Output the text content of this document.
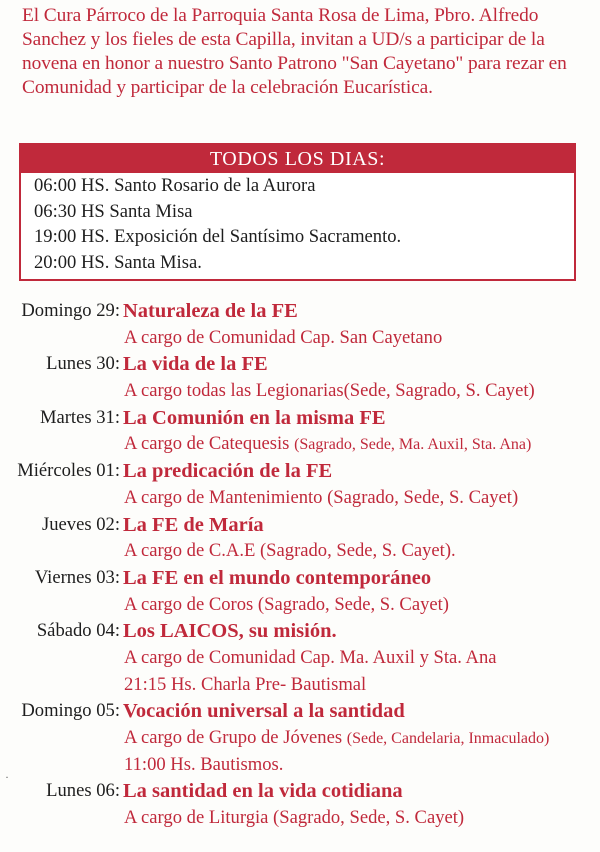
El Cura Párroco de la Parroquia Santa Rosa de Lima, Pbro. Alfredo Sanchez y los fieles de esta Capilla, invitan a UD/s a participar de la novena en honor a nuestro Santo Patrono "San Cayetano" para rezar en Comunidad y participar de la celebración Eucarística.
TODOS LOS DIAS:
06:00 HS. Santo Rosario de la Aurora
06:30 HS Santa Misa
19:00 HS. Exposición del Santísimo Sacramento.
20:00 HS. Santa Misa.
Domingo 29: Naturaleza de la FE
A cargo de Comunidad Cap. San Cayetano
Lunes 30: La vida de la FE
A cargo todas las Legionarias(Sede, Sagrado, S. Cayet)
Martes 31: La Comunión en la misma FE
A cargo de Catequesis (Sagrado, Sede, Ma. Auxil, Sta. Ana)
Miércoles 01: La predicación de la FE
A cargo de Mantenimiento (Sagrado, Sede, S. Cayet)
Jueves 02: La FE de María
A cargo de C.A.E (Sagrado, Sede, S. Cayet).
Viernes 03: La FE en el mundo contemporáneo
A cargo de Coros (Sagrado, Sede, S. Cayet)
Sábado 04: Los LAICOS, su misión.
A cargo de Comunidad Cap. Ma. Auxil y Sta. Ana
21:15 Hs. Charla Pre- Bautismal
Domingo 05: Vocación universal a la santidad
A cargo de Grupo de Jóvenes (Sede, Candelaria, Inmaculado)
11:00 Hs. Bautismos.
Lunes 06: La santidad en la vida cotidiana
A cargo de Liturgia (Sagrado, Sede, S. Cayet)
·
